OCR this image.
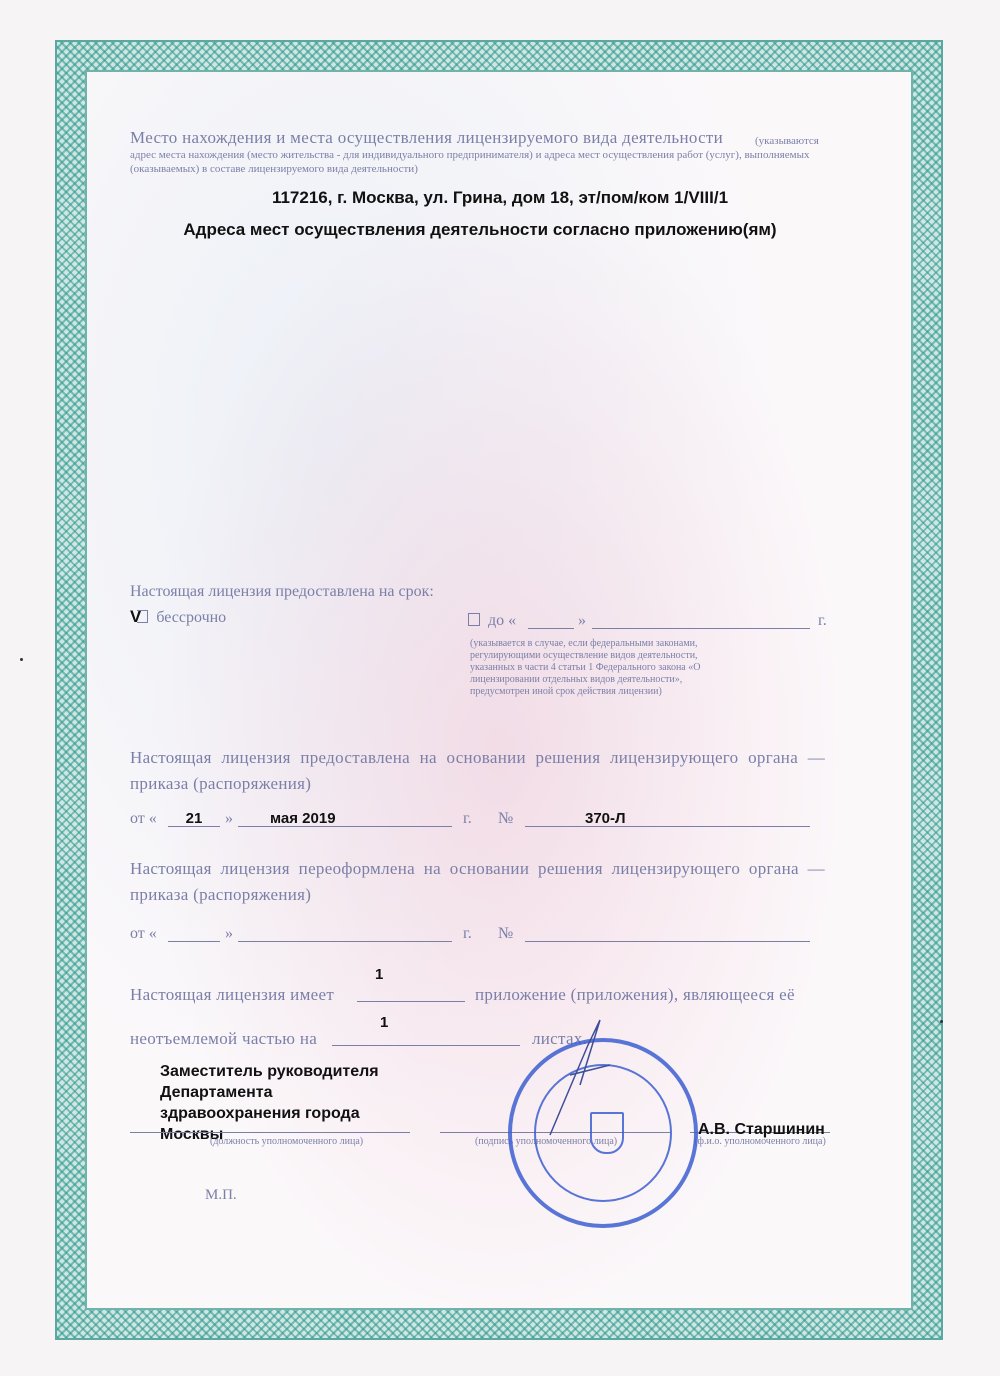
Место нахождения и места осуществления лицензируемого вида деятельности	(указываются адрес места нахождения (место жительства - для индивидуального предпринимателя) и адреса мест осуществления работ (услуг), выполняемых (оказываемых) в составе лицензируемого вида деятельности)
117216, г. Москва, ул. Грина, дом 18, эт/пом/ком 1/VIII/1
Адреса мест осуществления деятельности согласно приложению(ям)
Настоящая лицензия предоставлена на срок:
V бессрочно	до «	»	г.
(указывается в случае, если федеральными законами, регулирующими осуществление видов деятельности, указанных в части 4 статьи 1 Федерального закона «О лицензировании отдельных видов деятельности», предусмотрен иной срок действия лицензии)
Настоящая лицензия предоставлена на основании решения лицензирующего органа — приказа (распоряжения)
от «	21	» мая 2019	г. №	370-Л
Настоящая лицензия переоформлена на основании решения лицензирующего органа — приказа (распоряжения)
от «	»	г. №
Настоящая лицензия имеет
1
приложение (приложения), являющееся её
неотъемлемой частью на
1
листах.
Заместитель руководителя
Департамента
здравоохранения города
Москвы
(должность уполномоченного лица)	(подпись уполномоченного лица)
А.В. Старшинин
(ф.и.о. уполномоченного лица)
М.П.
